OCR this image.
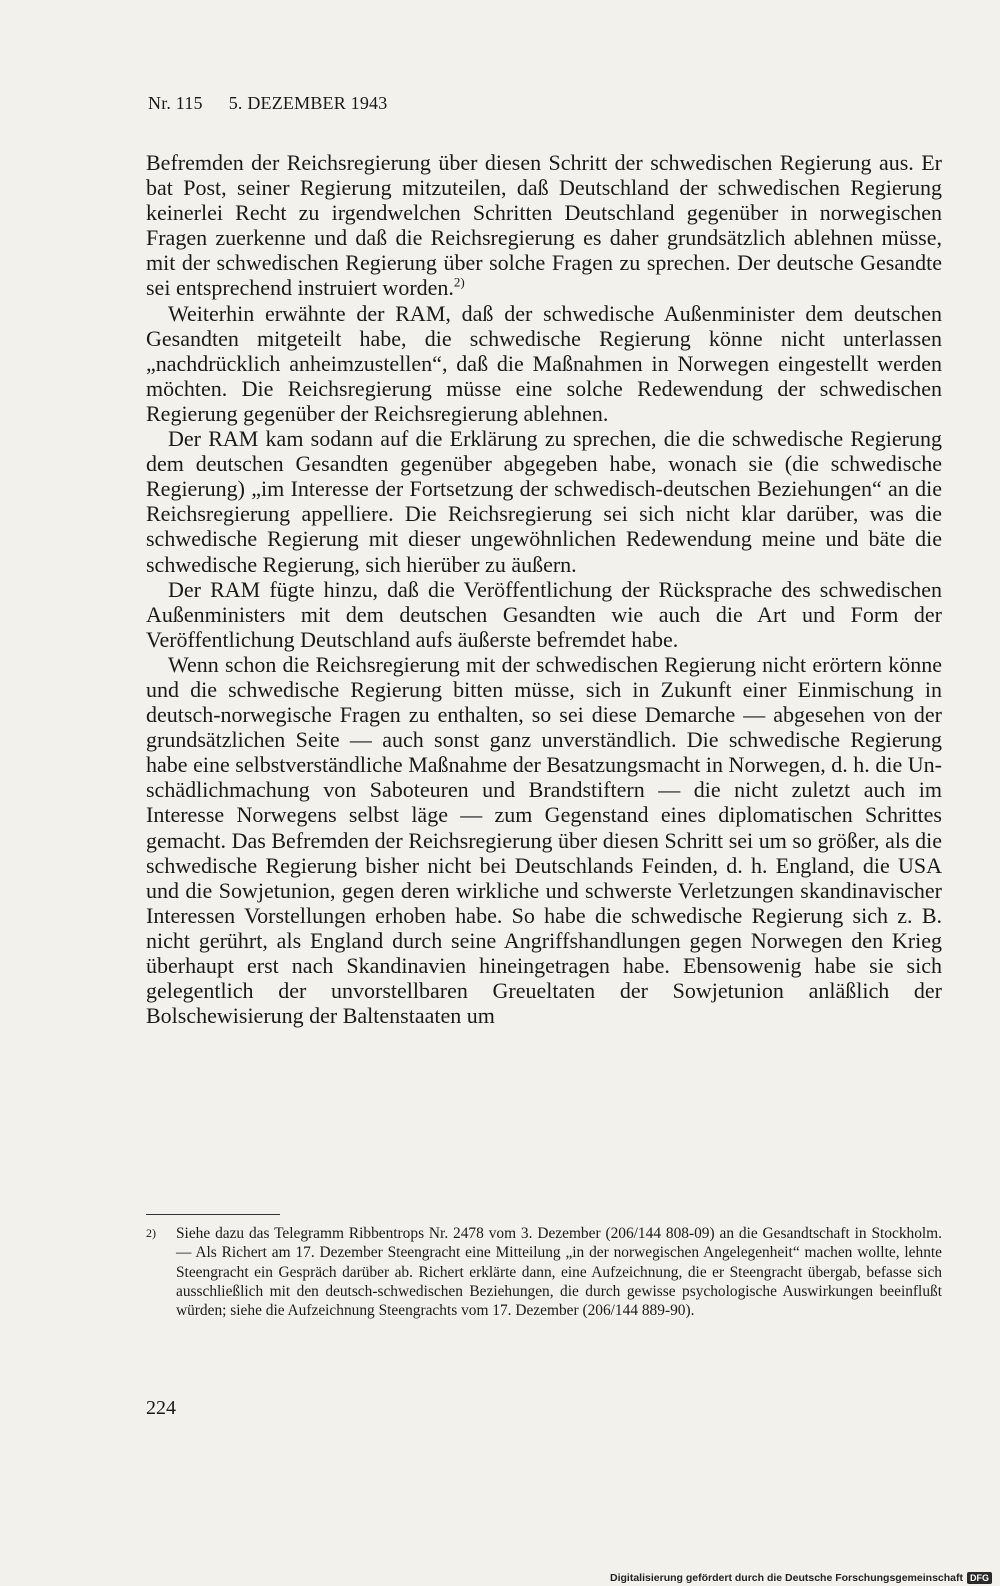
Nr. 115 5. DEZEMBER 1943

Befremden der Reichsregierung über diesen Schritt der schwedischen Regierung aus. Er bat Post, seiner Regierung mitzuteilen, daß Deutschland der schwedischen Regierung keinerlei Recht zu irgendwelchen Schritten Deutschland gegenüber in norwegischen Fragen zuerkenne und daß die Reichsregierung es daher grundsätzlich ablehnen müsse, mit der schwedischen Regierung über solche Fragen zu sprechen. Der deutsche Gesandte sei entsprechend instruiert worden.$^{2)}$

Weiterhin erwähnte der RAM, daß der schwedische Außenminister dem deutschen Gesandten mitgeteilt habe, die schwedische Regierung könne nicht unterlassen „nachdrücklich anheimzustellen“, daß die Maßnahmen in Norwegen eingestellt werden möchten. Die Reichsregierung müsse eine solche Redewendung der schwedischen Regierung gegenüber der Reichsregierung ablehnen.

Der RAM kam sodann auf die Erklärung zu sprechen, die die schwedische Regierung dem deutschen Gesandten gegenüber abgegeben habe, wonach sie (die schwedische Regierung) „im Interesse der Fortsetzung der schwedisch-deutschen Beziehungen“ an die Reichsregierung appelliere. Die Reichsregierung sei sich nicht klar darüber, was die schwedische Regierung mit dieser ungewöhnlichen Redewendung meine und bäte die schwedische Regierung, sich hierüber zu äußern.

Der RAM fügte hinzu, daß die Veröffentlichung der Rücksprache des schwedischen Außenministers mit dem deutschen Gesandten wie auch die Art und Form der Veröffentlichung Deutschland aufs äußerste befremdet habe.

Wenn schon die Reichsregierung mit der schwedischen Regierung nicht erörtern könne und die schwedische Regierung bitten müsse, sich in Zukunft einer Einmischung in deutsch-norwegische Fragen zu enthalten, so sei diese Demarche — abgesehen von der grundsätzlichen Seite — auch sonst ganz unverständlich. Die schwedische Regierung habe eine selbstverständliche Maßnahme der Besatzungsmacht in Norwegen, d. h. die Unschädlichmachung von Saboteuren und Brandstiftern — die nicht zuletzt auch im Interesse Norwegens selbst läge — zum Gegenstand eines diplomatischen Schrittes gemacht. Das Befremden der Reichsregierung über diesen Schritt sei um so größer, als die schwedische Regierung bisher nicht bei Deutschlands Feinden, d. h. England, die USA und die Sowjetunion, gegen deren wirkliche und schwerste Verletzungen skandinavischer Interessen Vorstellungen erhoben habe. So habe die schwedische Regierung sich z. B. nicht gerührt, als England durch seine Angriffshandlungen gegen Norwegen den Krieg überhaupt erst nach Skandinavien hineingetragen habe. Ebensowenig habe sie sich gelegentlich der unvorstellbaren Greueltaten der Sowjetunion anläßlich der Bolschewisierung der Baltenstaaten um

2)	Siehe dazu das Telegramm Ribbentrops Nr. 2478 vom 3. Dezember (206/144 808-09) an die Gesandtschaft in Stockholm. — Als Richert am 17. Dezember Steengracht eine Mitteilung „in der norwegischen Angelegenheit“ machen wollte, lehnte Steengracht ein Gespräch darüber ab. Richert erklärte dann, eine Aufzeichnung, die er Steengracht übergab, befasse sich ausschließlich mit den deutsch-schwedischen Beziehungen, die durch gewisse psychologische Auswirkungen beeinflußt würden; siehe die Aufzeichnung Steengrachts vom 17. Dezember (206/144 889-90).
224
Digitalisierung gefördert durch die Deutsche Forschungsgemeinschaft DFG
